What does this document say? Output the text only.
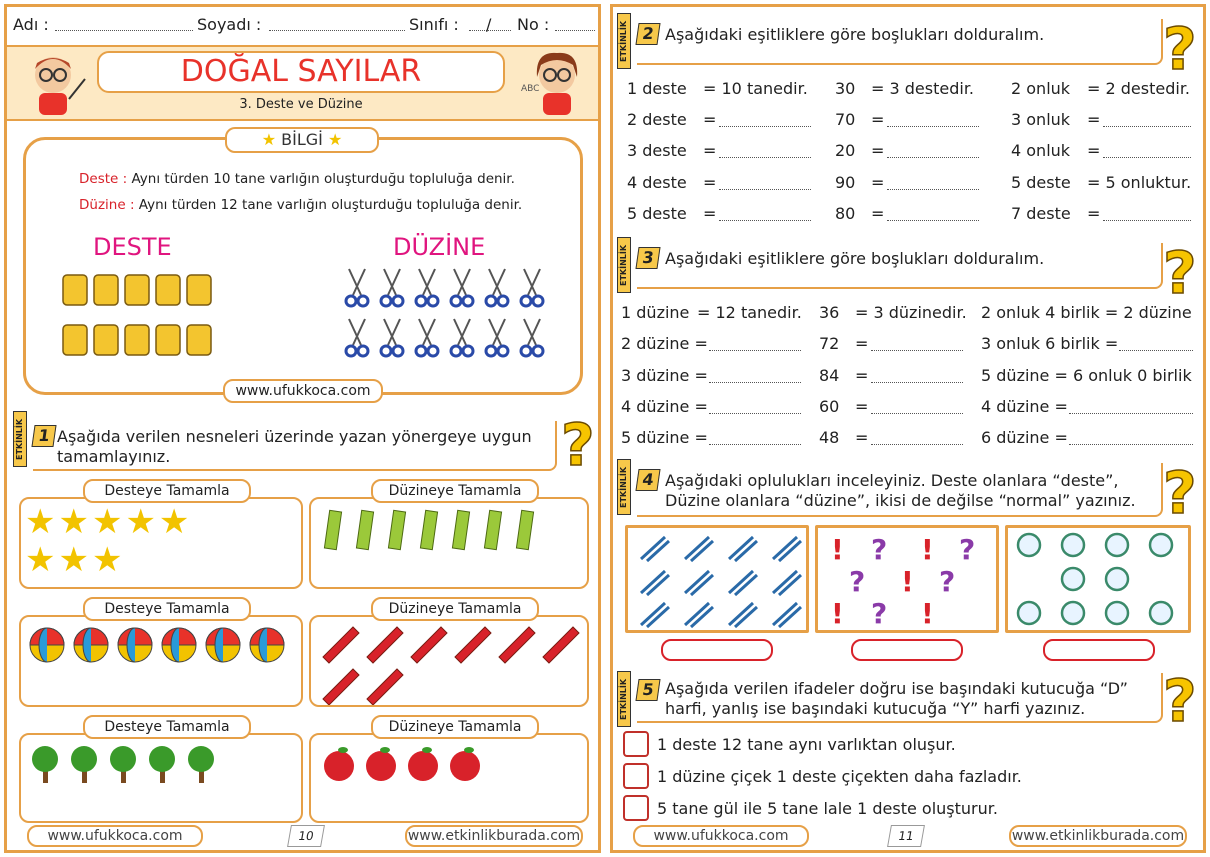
Adı :	Soyadı :	Sınıfı : / No :
DOĞAL SAYILAR
3. Deste ve Düzine
ABC
★ BİLGİ ★
Deste : Aynı türden 10 tane varlığın oluşturduğu topluluğa denir.
Düzine : Aynı türden 12 tane varlığın oluşturduğu topluluğa denir.
DESTE	DÜZİNE
www.ufukkoca.com
ETKİNLİK 1 Aşağıda verilen nesneleri üzerinde yazan yönergeye uygun tamamlayınız.	?
Desteye Tamamla
★★★★★
★★★
Düzineye Tamamla
Desteye Tamamla	Düzineye Tamamla
Desteye Tamamla	Düzineye Tamamla
www.ufukkoca.com	10	www.etkinlikburada.com
ETKİNLİK 2 Aşağıdaki eşitliklere göre boşlukları dolduralım. ?
1 deste = 10 tanedir. 30 = 3 destedir. 2 onluk = 2 destedir.
2 deste =	70 =	3 onluk =
3 deste =	20 =	4 onluk =
4 deste =	90 =	5 deste = 5 onluktur.
5 deste =	80 =	7 deste =
ETKİNLİK 3 Aşağıdaki eşitliklere göre boşlukları dolduralım. ?
1 düzine = 12 tanedir. 36 = 3 düzinedir. 2 onluk 4 birlik = 2 düzine
2 düzine =	72 =	3 onluk 6 birlik =
3 düzine =	84 =	5 düzine = 6 onluk 0 birlik
4 düzine =	60 =	4 düzine =
5 düzine =	48 =	6 düzine =
ETKİNLİK 4 Aşağıdaki oplulukları inceleyiniz. Deste olanlara “deste”, Düzine olanlara “düzine”, ikisi de değilse “normal” yazınız. ?
! ? ! ?
? ! ?
! ? !
ETKİNLİK 5 Aşağıda verilen ifadeler doğru ise başındaki kutucuğa “D” harfi, yanlış ise başındaki kutucuğa “Y” harfi yazınız.	?
1 deste 12 tane aynı varlıktan oluşur.
1 düzine çiçek 1 deste çiçekten daha fazladır.
5 tane gül ile 5 tane lale 1 deste oluşturur.
www.ufukkoca.com	11	www.etkinlikburada.com
